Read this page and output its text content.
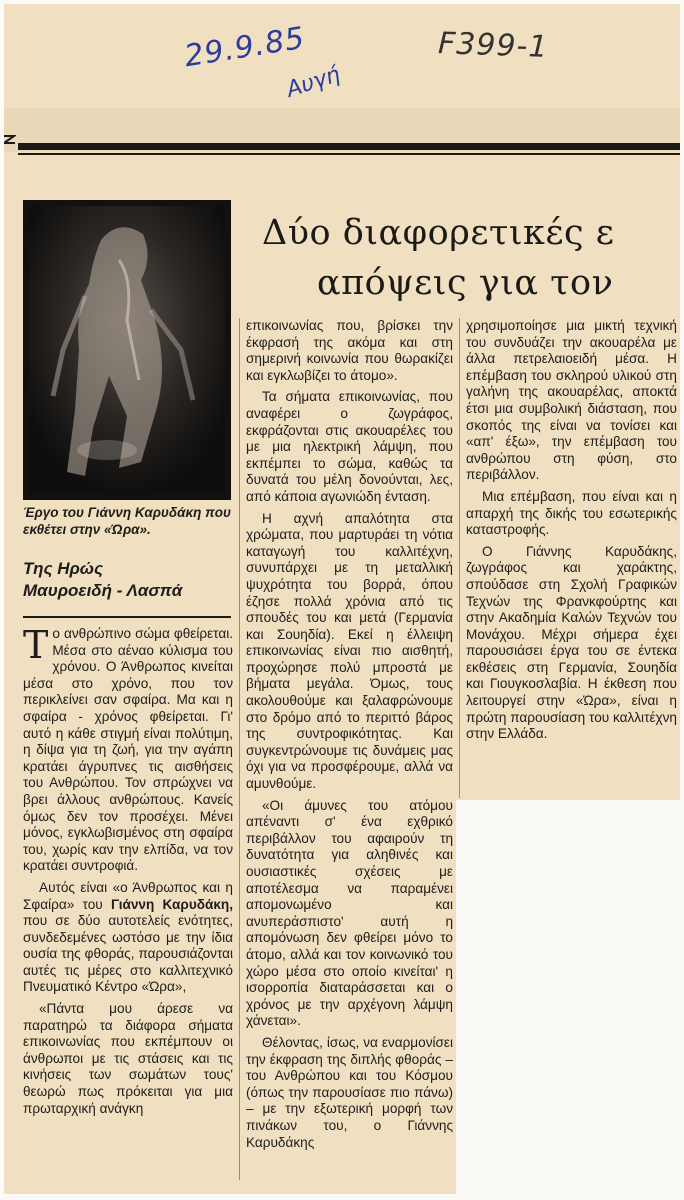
29.9.85
Αυγή
F399-1
Έργο του Γιάννη Καρυδάκη που εκθέτει στην «Ώρα».
Της Ηρώς
Μαυροειδή - Λασπά
Δύο διαφορετικές ε
απόψεις για τον

Το ανθρώπινο σώμα φθείρεται. Μέσα στο αέναο κύλισμα του χρόνου. Ο Άνθρωπος κινείται μέσα στο χρόνο, που τον περικλείνει σαν σφαίρα. Μα και η σφαίρα - χρόνος φθείρεται. Γι' αυτό η κάθε στιγμή είναι πολύτιμη, η δίψα για τη ζωή, για την αγάπη κρατάει άγρυπνες τις αισθήσεις του Ανθρώπου. Τον σπρώχνει να βρει άλλους ανθρώπους. Κανείς όμως δεν τον προσέχει. Μένει μόνος, εγκλωβισμένος στη σφαίρα του, χωρίς καν την ελπίδα, να τον κρατάει συντροφιά.

Αυτός είναι «ο Άνθρωπος και η Σφαίρα» του Γιάννη Καρυδάκη, που σε δύο αυτοτελείς ενότητες, συνδεδεμένες ωστόσο με την ίδια ουσία της φθοράς, παρουσιάζονται αυτές τις μέρες στο καλλιτεχνικό Πνευματικό Κέντρο «Ώρα»,

«Πάντα μου άρεσε να παρατηρώ τα διάφορα σήματα επικοινωνίας που εκπέμπουν οι άνθρωποι με τις στάσεις και τις κινήσεις των σωμάτων τους' θεωρώ πως πρόκειται για μια πρωταρχική ανάγκη

επικοινωνίας που, βρίσκει την έκφρασή της ακόμα και στη σημερινή κοινωνία που θωρακίζει και εγκλωβίζει το άτομο».

Τα σήματα επικοινωνίας, που αναφέρει ο ζωγράφος, εκφράζονται στις ακουαρέλες του με μια ηλεκτρική λάμψη, που εκπέμπει το σώμα, καθώς τα δυνατά του μέλη δονούνται, λες, από κάποια αγωνιώδη ένταση.

Η αχνή απαλότητα στα χρώματα, που μαρτυράει τη νότια καταγωγή του καλλιτέχνη, συνυπάρχει με τη μεταλλική ψυχρότητα του βορρά, όπου έζησε πολλά χρόνια από τις σπουδές του και μετά (Γερμανία και Σουηδία). Εκεί η έλλειψη επικοινωνίας είναι πιο αισθητή, προχώρησε πολύ μπροστά με βήματα μεγάλα. Όμως, τους ακολουθούμε και ξαλαφρώνουμε στο δρόμο από το περιττό βάρος της συντροφικότητας. Και συγκεντρώνουμε τις δυνάμεις μας όχι για να προσφέρουμε, αλλά να αμυνθούμε.

«Οι άμυνες του ατόμου απέναντι σ' ένα εχθρικό περιβάλλον του αφαιρούν τη δυνατότητα για αληθινές και ουσιαστικές σχέσεις με αποτέλεσμα να παραμένει απομονωμένο και ανυπεράσπιστο' αυτή η απομόνωση δεν φθείρει μόνο το άτομο, αλλά και τον κοινωνικό του χώρο μέσα στο οποίο κινείται' η ισορροπία διαταράσσεται και ο χρόνος με την αρχέγονη λάμψη χάνεται».

Θέλοντας, ίσως, να εναρμονίσει την έκφραση της διπλής φθοράς – του Ανθρώπου και του Κόσμου (όπως την παρουσίασε πιο πάνω) – με την εξωτερική μορφή των πινάκων του, ο Γιάννης Καρυδάκης

χρησιμοποίησε μια μικτή τεχνική του συνδυάζει την ακουαρέλα με άλλα πετρελαιοειδή μέσα. Η επέμβαση του σκληρού υλικού στη γαλήνη της ακουαρέλας, αποκτά έτσι μια συμβολική διάσταση, που σκοπός της είναι να τονίσει και «απ' έξω», την επέμβαση του ανθρώπου στη φύση, στο περιβάλλον.

Μια επέμβαση, που είναι και η απαρχή της δικής του εσωτερικής καταστροφής.

Ο Γιάννης Καρυδάκης, ζωγράφος και χαράκτης, σπούδασε στη Σχολή Γραφικών Τεχνών της Φρανκφούρτης και στην Ακαδημία Καλών Τεχνών του Μονάχου. Μέχρι σήμερα έχει παρουσιάσει έργα του σε έντεκα εκθέσεις στη Γερμανία, Σουηδία και Γιουγκοσλαβία. Η έκθεση που λειτουργεί στην «Ώρα», είναι η πρώτη παρουσίαση του καλλιτέχνη στην Ελλάδα.
